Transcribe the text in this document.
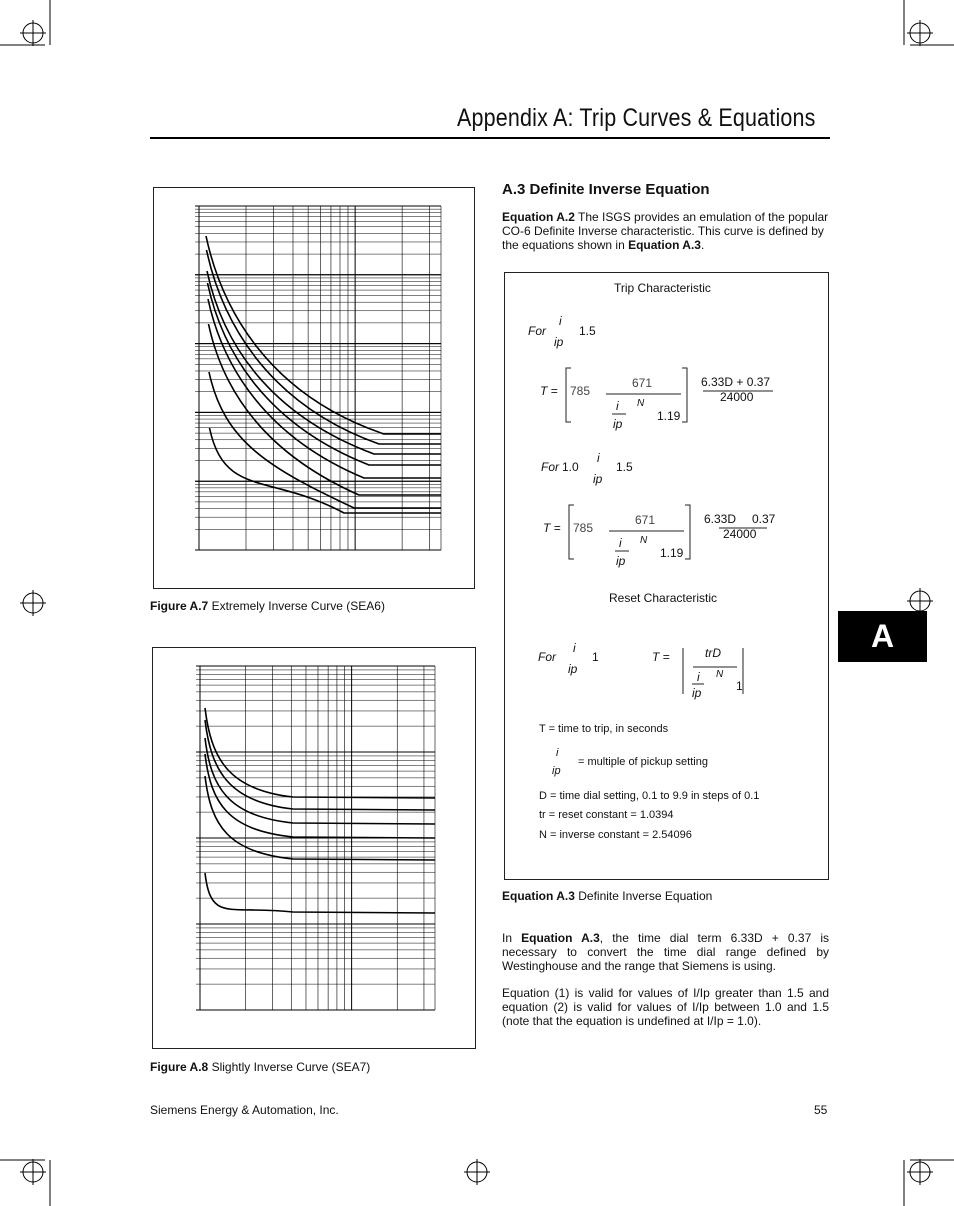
Appendix A: Trip Curves & Equations
Figure A.7 Extremely Inverse Curve (SEA6)
Figure A.8 Slightly Inverse Curve (SEA7)
A.3 Definite Inverse Equation
Equation A.2 The ISGS provides an emulation of the popular CO-6 Definite Inverse characteristic. This curve is defined by the equations shown in Equation A.3.
Trip Characteristic
For
i
ip
1.5
T = 785
671
i
ip
N
1.19
6.33D + 0.37
24000
For 1.0
i
ip
1.5
T = 785
671
i
ip
N
1.19
6.33D 0.37
24000
Reset Characteristic
For
i
ip
1	T =	trD
i
ip
N
1
T = time to trip, in seconds
i
ip
= multiple of pickup setting
D = time dial setting, 0.1 to 9.9 in steps of 0.1
tr = reset constant = 1.0394
N = inverse constant = 2.54096
Equation A.3 Definite Inverse Equation
In Equation A.3, the time dial term 6.33D + 0.37 is necessary to convert the time dial range defined by Westinghouse and the range that Siemens is using.
Equation (1) is valid for values of I/Ip greater than 1.5 and equation (2) is valid for values of I/Ip between 1.0 and 1.5 (note that the equation is undefined at I/Ip = 1.0).
A
Siemens Energy & Automation, Inc.	55
